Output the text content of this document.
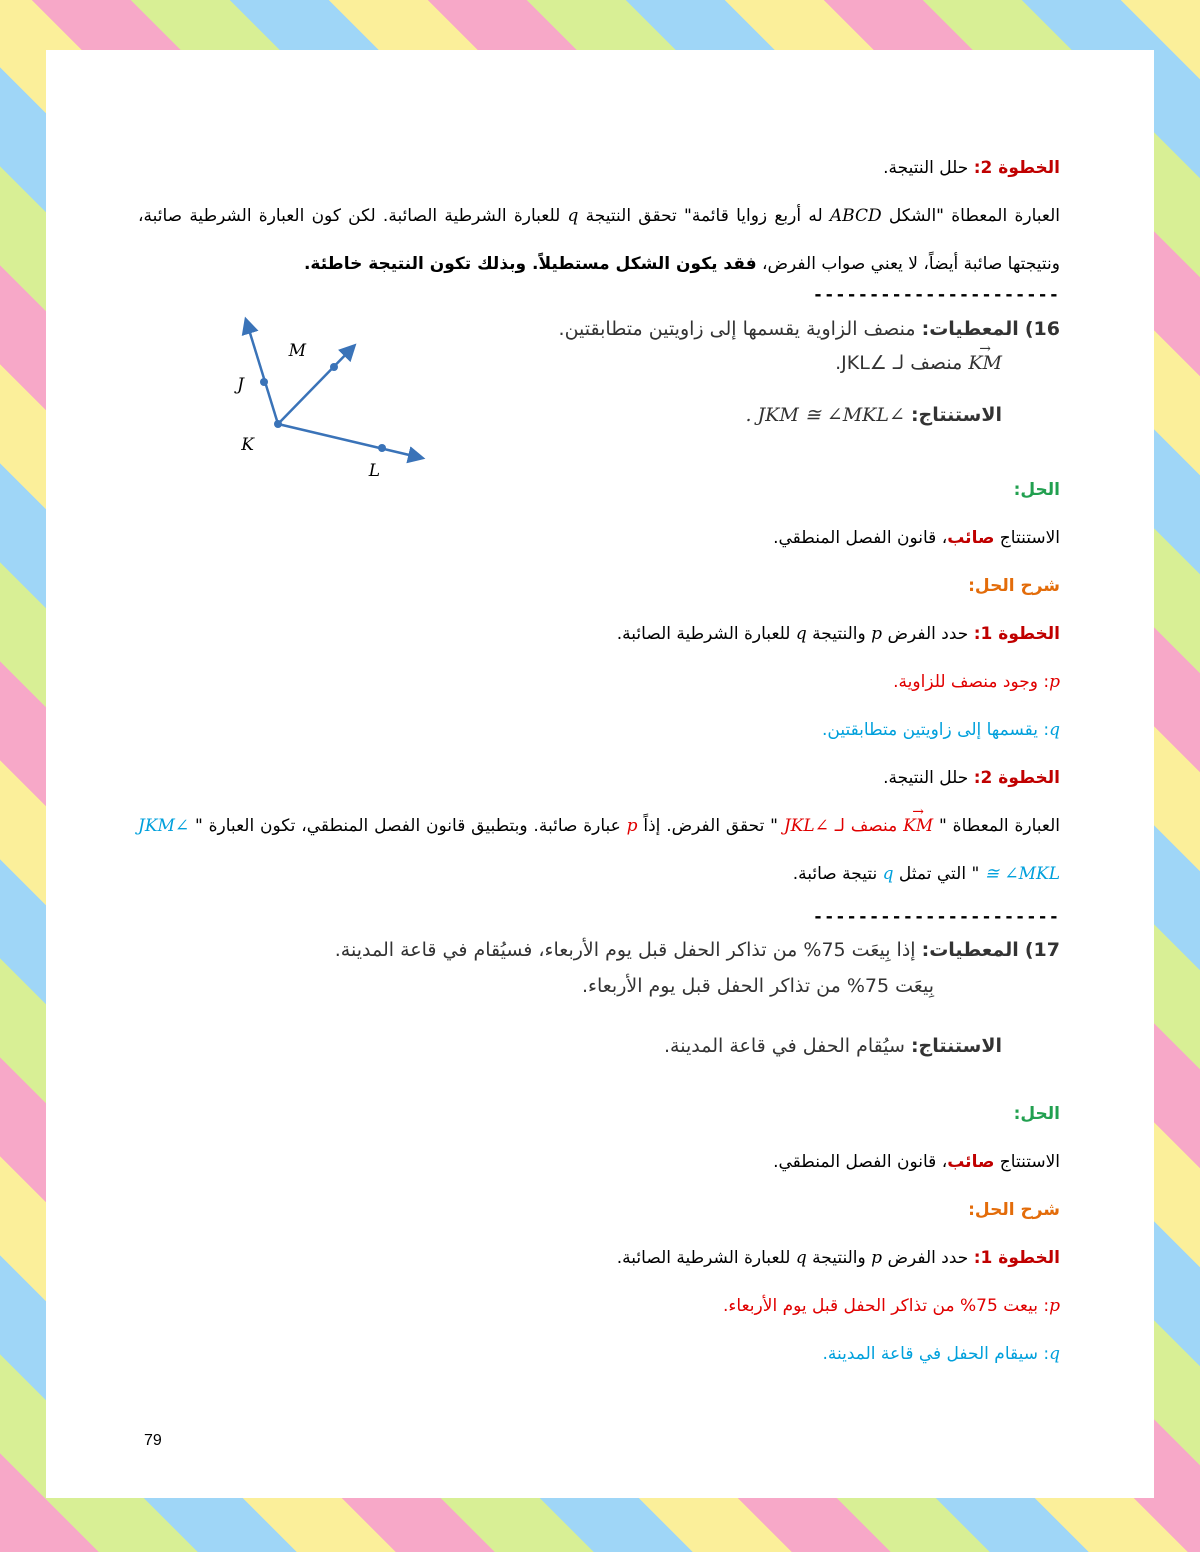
الخطوة 2: حلل النتيجة.

العبارة المعطاة "الشكل ABCD له أربع زوايا قائمة" تحقق النتيجة q للعبارة الشرطية الصائبة. لكن كون العبارة الشرطية صائبة، ونتيجتها صائبة أيضاً، لا يعني صواب الفرض، فقد يكون الشكل مستطيلاً. وبذلك تكون النتيجة خاطئة.

----------------------

16) المعطيات: منصف الزاوية يقسمها إلى زاويتين متطابقتين.
→ KM منصف لـ ∠JKL.
الاستنتاج: ∠JKM ≅ ∠MKL .
J
K
M
L

الحل:

الاستنتاج صائب، قانون الفصل المنطقي.

شرح الحل:

الخطوة 1: حدد الفرض p والنتيجة q للعبارة الشرطية الصائبة.

p: وجود منصف للزاوية.

q: يقسمها إلى زاويتين متطابقتين.

الخطوة 2: حلل النتيجة.

العبارة المعطاة " → KM منصف لـ ∠JKL " تحقق الفرض. إذاً p عبارة صائبة. وبتطبيق قانون الفصل المنطقي، تكون العبارة " ∠JKM ≅ ∠MKL " التي تمثل q نتيجة صائبة.

----------------------

17) المعطيات: إذا بِيعَت 75% من تذاكر الحفل قبل يوم الأربعاء، فسيُقام في قاعة المدينة.
بِيعَت 75% من تذاكر الحفل قبل يوم الأربعاء.
الاستنتاج: سيُقام الحفل في قاعة المدينة.

الحل:

الاستنتاج صائب، قانون الفصل المنطقي.

شرح الحل:

الخطوة 1: حدد الفرض p والنتيجة q للعبارة الشرطية الصائبة.

p: بيعت 75% من تذاكر الحفل قبل يوم الأربعاء.

q: سيقام الحفل في قاعة المدينة.

79
